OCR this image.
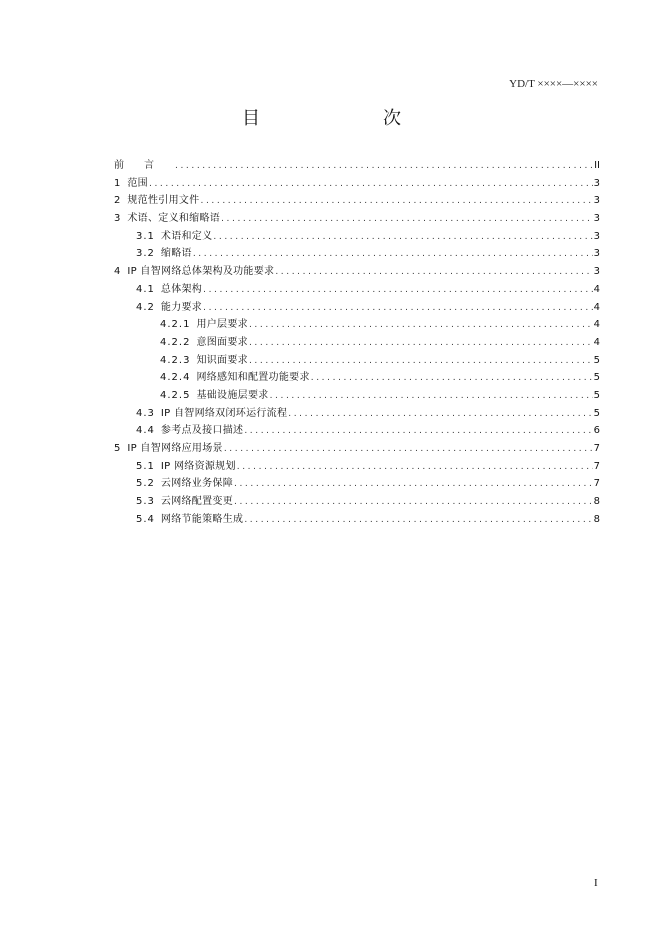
YD/T ××××—××××
目	次
前言 .....	II
1 范围 .....	3
2 规范性引用文件 .....	3
3 术语、定义和缩略语 .....	3
3.1 术语和定义 .....	3
3.2 缩略语 .....	3
4 IP 自智网络总体架构及功能要求 .....	3
4.1 总体架构 .....	4
4.2 能力要求 .....	4
4.2.1 用户层要求 .....	4
4.2.2 意图面要求 .....	4
4.2.3 知识面要求 .....	5
4.2.4 网络感知和配置功能要求 .....	5
4.2.5 基础设施层要求 .....	5
4.3 IP 自智网络双闭环运行流程 .....	5
4.4 参考点及接口描述 .....	6
5 IP 自智网络应用场景 .....	7
5.1 IP 网络资源规划 .....	7
5.2 云网络业务保障 .....	7
5.3 云网络配置变更 .....	8
5.4 网络节能策略生成 .....	8
I
